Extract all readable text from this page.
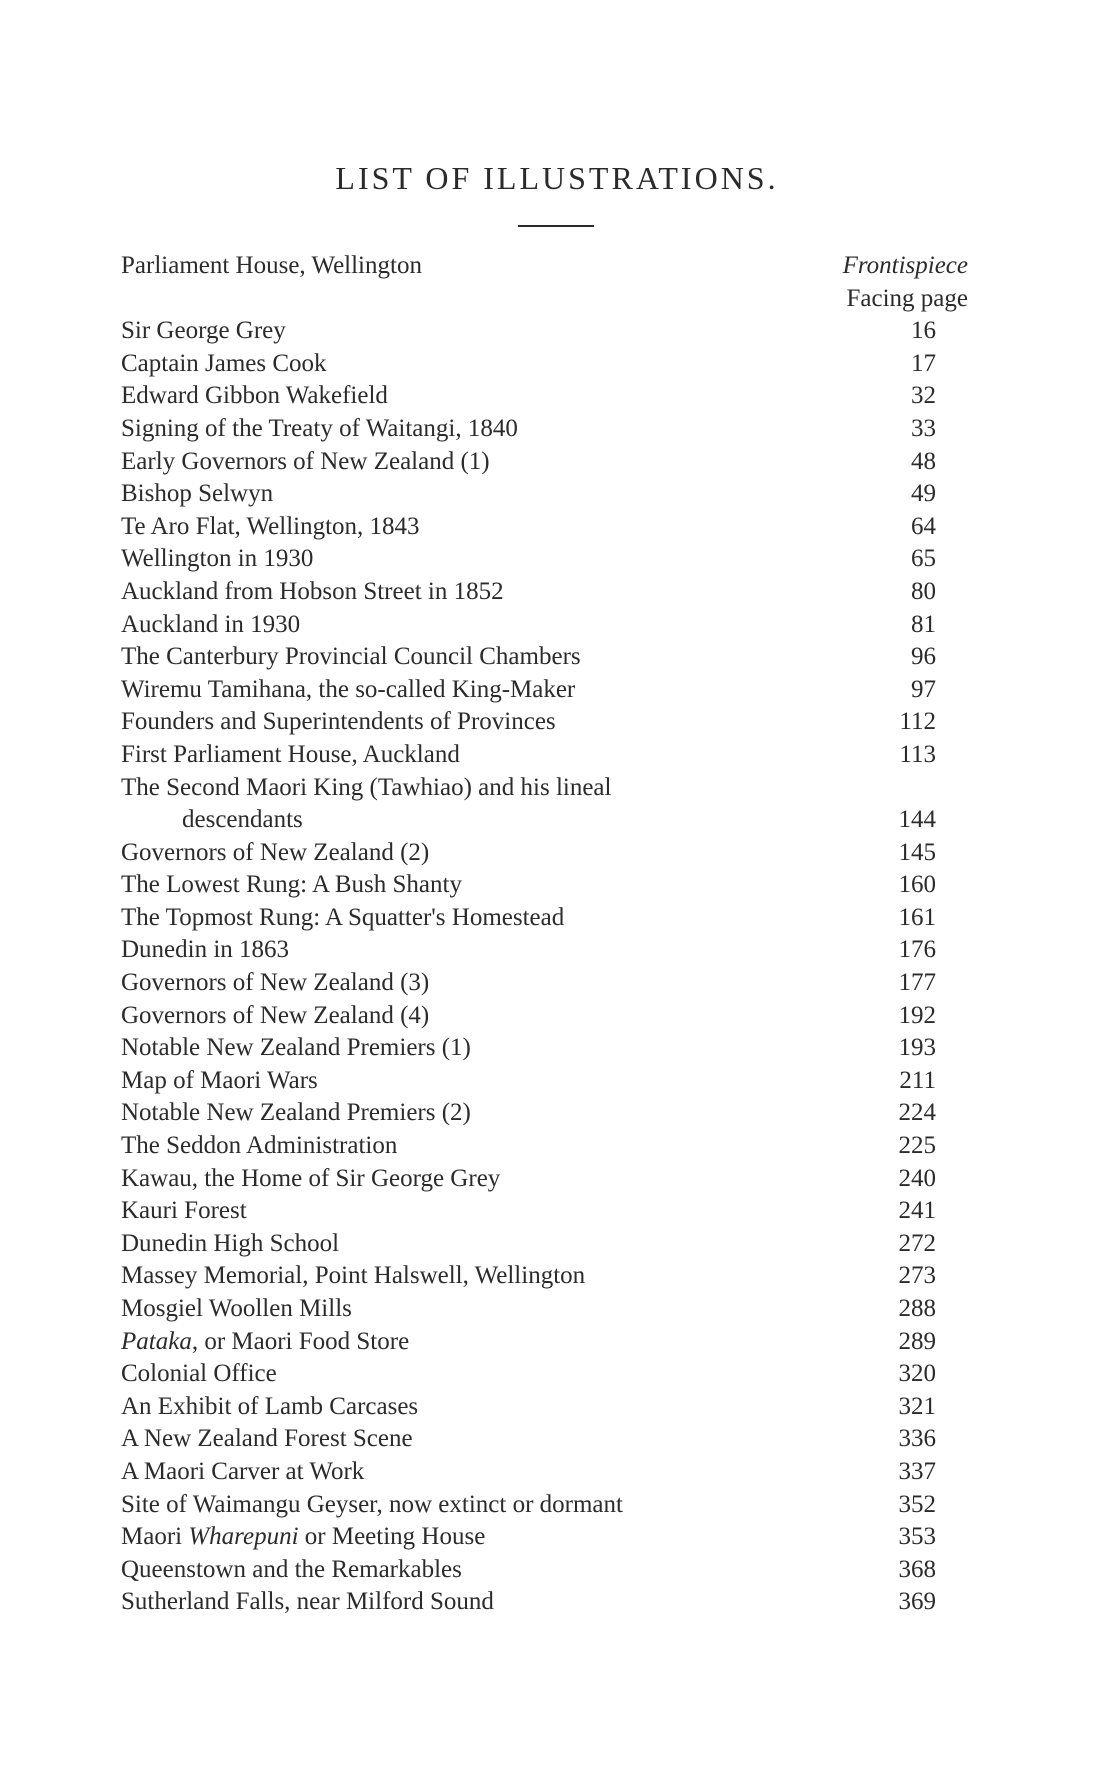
LIST OF ILLUSTRATIONS.
Parliament House, Wellington	Frontispiece
Facing page
Sir George Grey	16
Captain James Cook	17
Edward Gibbon Wakefield	32
Signing of the Treaty of Waitangi, 1840	33
Early Governors of New Zealand (1)	48
Bishop Selwyn	49
Te Aro Flat, Wellington, 1843	64
Wellington in 1930	65
Auckland from Hobson Street in 1852	80
Auckland in 1930	81
The Canterbury Provincial Council Chambers	96
Wiremu Tamihana, the so-called King-Maker	97
Founders and Superintendents of Provinces	112
First Parliament House, Auckland	113
The Second Maori King (Tawhiao) and his lineal
descendants	144
Governors of New Zealand (2)	145
The Lowest Rung: A Bush Shanty	160
The Topmost Rung: A Squatter's Homestead	161
Dunedin in 1863	176
Governors of New Zealand (3)	177
Governors of New Zealand (4)	192
Notable New Zealand Premiers (1)	193
Map of Maori Wars	211
Notable New Zealand Premiers (2)	224
The Seddon Administration	225
Kawau, the Home of Sir George Grey	240
Kauri Forest	241
Dunedin High School	272
Massey Memorial, Point Halswell, Wellington	273
Mosgiel Woollen Mills	288
Pataka, or Maori Food Store	289
Colonial Office	320
An Exhibit of Lamb Carcases	321
A New Zealand Forest Scene	336
A Maori Carver at Work	337
Site of Waimangu Geyser, now extinct or dormant	352
Maori Wharepuni or Meeting House	353
Queenstown and the Remarkables	368
Sutherland Falls, near Milford Sound	369
